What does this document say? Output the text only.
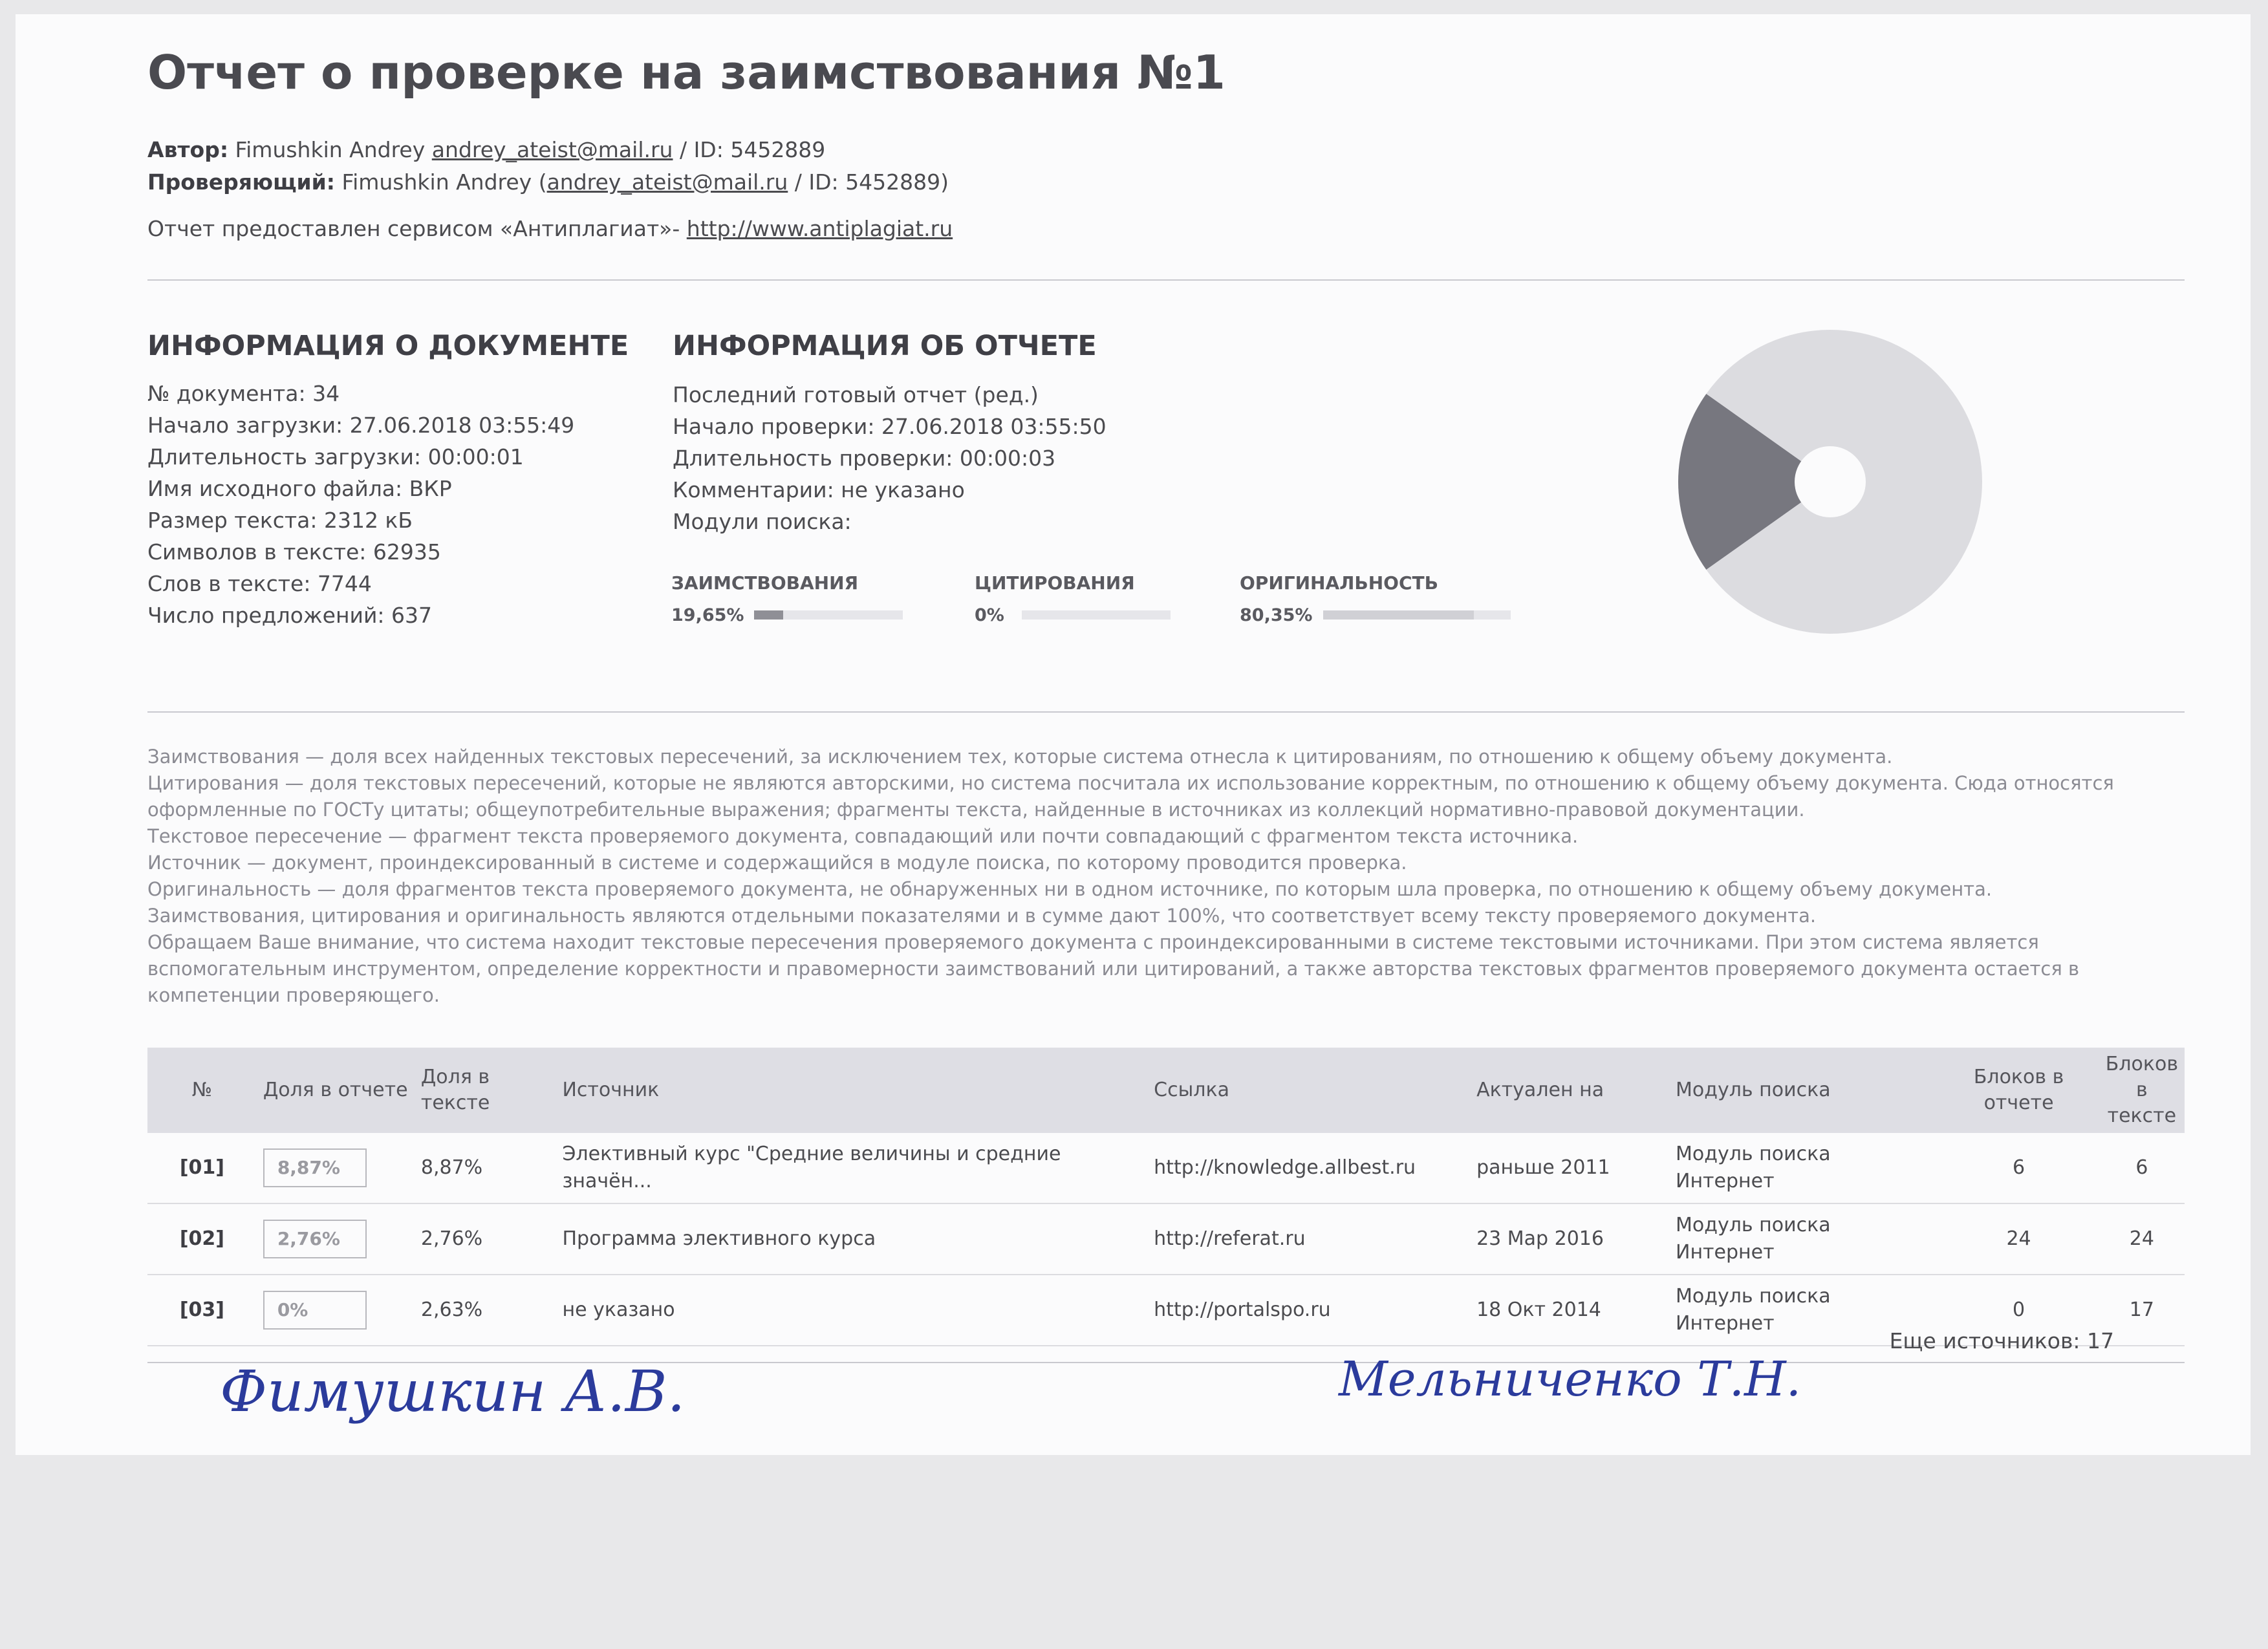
Отчет о проверке на заимствования №1
Автор: Fimushkin Andrey andrey_ateist@mail.ru / ID: 5452889
Проверяющий: Fimushkin Andrey (andrey_ateist@mail.ru / ID: 5452889)
Отчет предоставлен сервисом «Антиплагиат»- http://www.antiplagiat.ru
ИНФОРМАЦИЯ О ДОКУМЕНТЕ
№ документа: 34
Начало загрузки: 27.06.2018 03:55:49
Длительность загрузки: 00:00:01
Имя исходного файла: ВКР
Размер текста: 2312 кБ
Символов в тексте: 62935
Слов в тексте: 7744
Число предложений: 637
ИНФОРМАЦИЯ ОБ ОТЧЕТЕ
Последний готовый отчет (ред.)
Начало проверки: 27.06.2018 03:55:50
Длительность проверки: 00:00:03
Комментарии: не указано
Модули поиска:
ЗАИМСТВОВАНИЯ
19,65%
ЦИТИРОВАНИЯ
0%
ОРИГИНАЛЬНОСТЬ
80,35%

Заимствования — доля всех найденных текстовых пересечений, за исключением тех, которые система отнесла к цитированиям, по отношению к общему объему документа.

Цитирования — доля текстовых пересечений, которые не являются авторскими, но система посчитала их использование корректным, по отношению к общему объему документа. Сюда относятся оформленные по ГОСТу цитаты; общеупотребительные выражения; фрагменты текста, найденные в источниках из коллекций нормативно-правовой документации.

Текстовое пересечение — фрагмент текста проверяемого документа, совпадающий или почти совпадающий с фрагментом текста источника.

Источник — документ, проиндексированный в системе и содержащийся в модуле поиска, по которому проводится проверка.

Оригинальность — доля фрагментов текста проверяемого документа, не обнаруженных ни в одном источнике, по которым шла проверка, по отношению к общему объему документа.

Заимствования, цитирования и оригинальность являются отдельными показателями и в сумме дают 100%, что соответствует всему тексту проверяемого документа.

Обращаем Ваше внимание, что система находит текстовые пересечения проверяемого документа с проиндексированными в системе текстовыми источниками. При этом система является вспомогательным инструментом, определение корректности и правомерности заимствований или цитирований, а также авторства текстовых фрагментов проверяемого документа остается в компетенции проверяющего.

№	Доля в отчете	Доля в тексте	Источник	Ссылка	Актуален на	Модуль поиска	Блоков в отчете	Блоков в тексте
[01]	8,87%	8,87%	Элективный курс "Средние величины и средние значён...	http://knowledge.allbest.ru	раньше 2011	Модуль поиска Интернет	6	6
[02]	2,76%	2,76%	Программа элективного курса	http://referat.ru	23 Мар 2016	Модуль поиска Интернет	24	24
[03]	0%	2,63%	не указано	http://portalspo.ru	18 Окт 2014	Модуль поиска Интернет	0	17
Еще источников: 17
Фимушкин А.В.	Мельниченко Т.Н.
